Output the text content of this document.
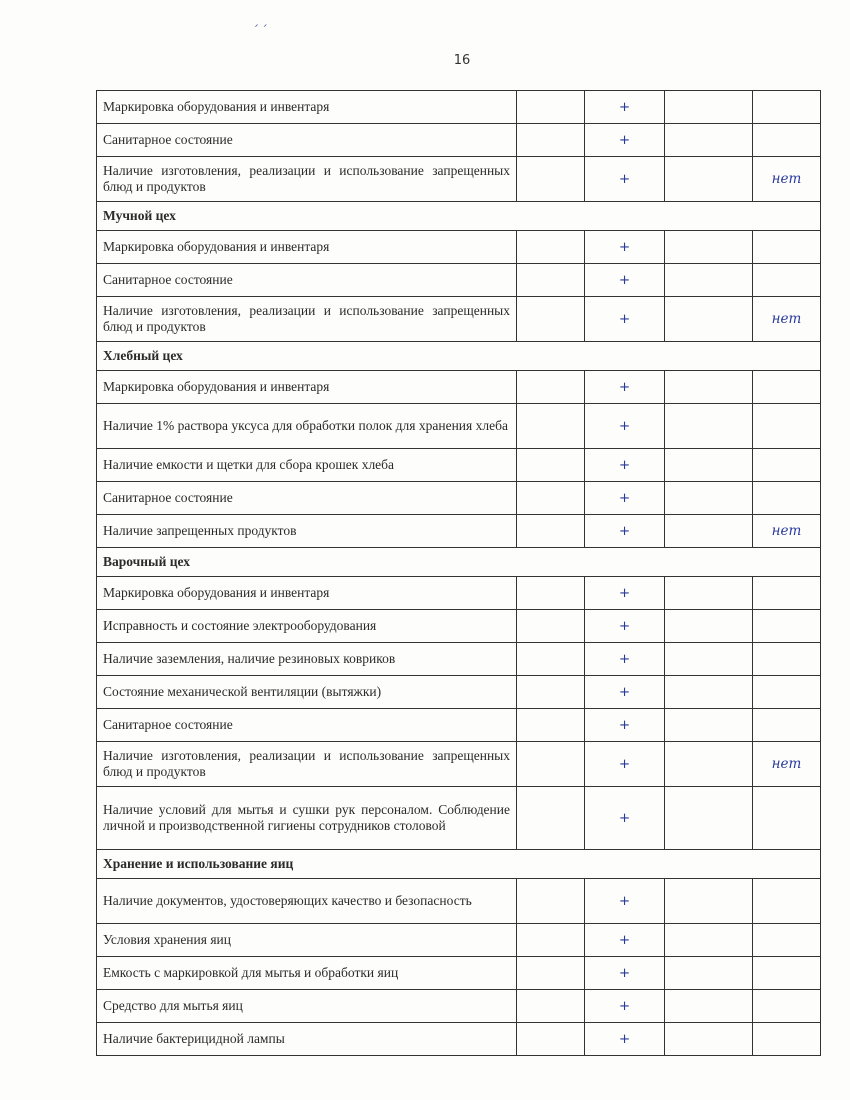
׳ ׳
16
Маркировка оборудования и инвентаря		+		
Санитарное состояние		+		
Наличие изготовления, реализации и использование запрещенных блюд и продуктов		+		нет
Мучной цех				
Маркировка оборудования и инвентаря		+		
Санитарное состояние		+		
Наличие изготовления, реализации и использование запрещенных блюд и продуктов		+		нет
Хлебный цех				
Маркировка оборудования и инвентаря		+		
Наличие 1% раствора уксуса для обработки полок для хранения хлеба		+		
Наличие емкости и щетки для сбора крошек хлеба		+		
Санитарное состояние		+		
Наличие запрещенных продуктов		+		нет
Варочный цех				
Маркировка оборудования и инвентаря		+		
Исправность и состояние электрооборудования		+		
Наличие заземления, наличие резиновых ковриков		+		
Состояние механической вентиляции (вытяжки)		+		
Санитарное состояние		+		
Наличие изготовления, реализации и использование запрещенных блюд и продуктов		+		нет
Наличие условий для мытья и сушки рук персоналом. Соблюдение личной и производственной гигиены сотрудников столовой		+		
Хранение и использование яиц				
Наличие документов, удостоверяющих качество и безопасность		+		
Условия хранения яиц		+		
Емкость с маркировкой для мытья и обработки яиц		+		
Средство для мытья яиц		+		
Наличие бактерицидной лампы		+		
